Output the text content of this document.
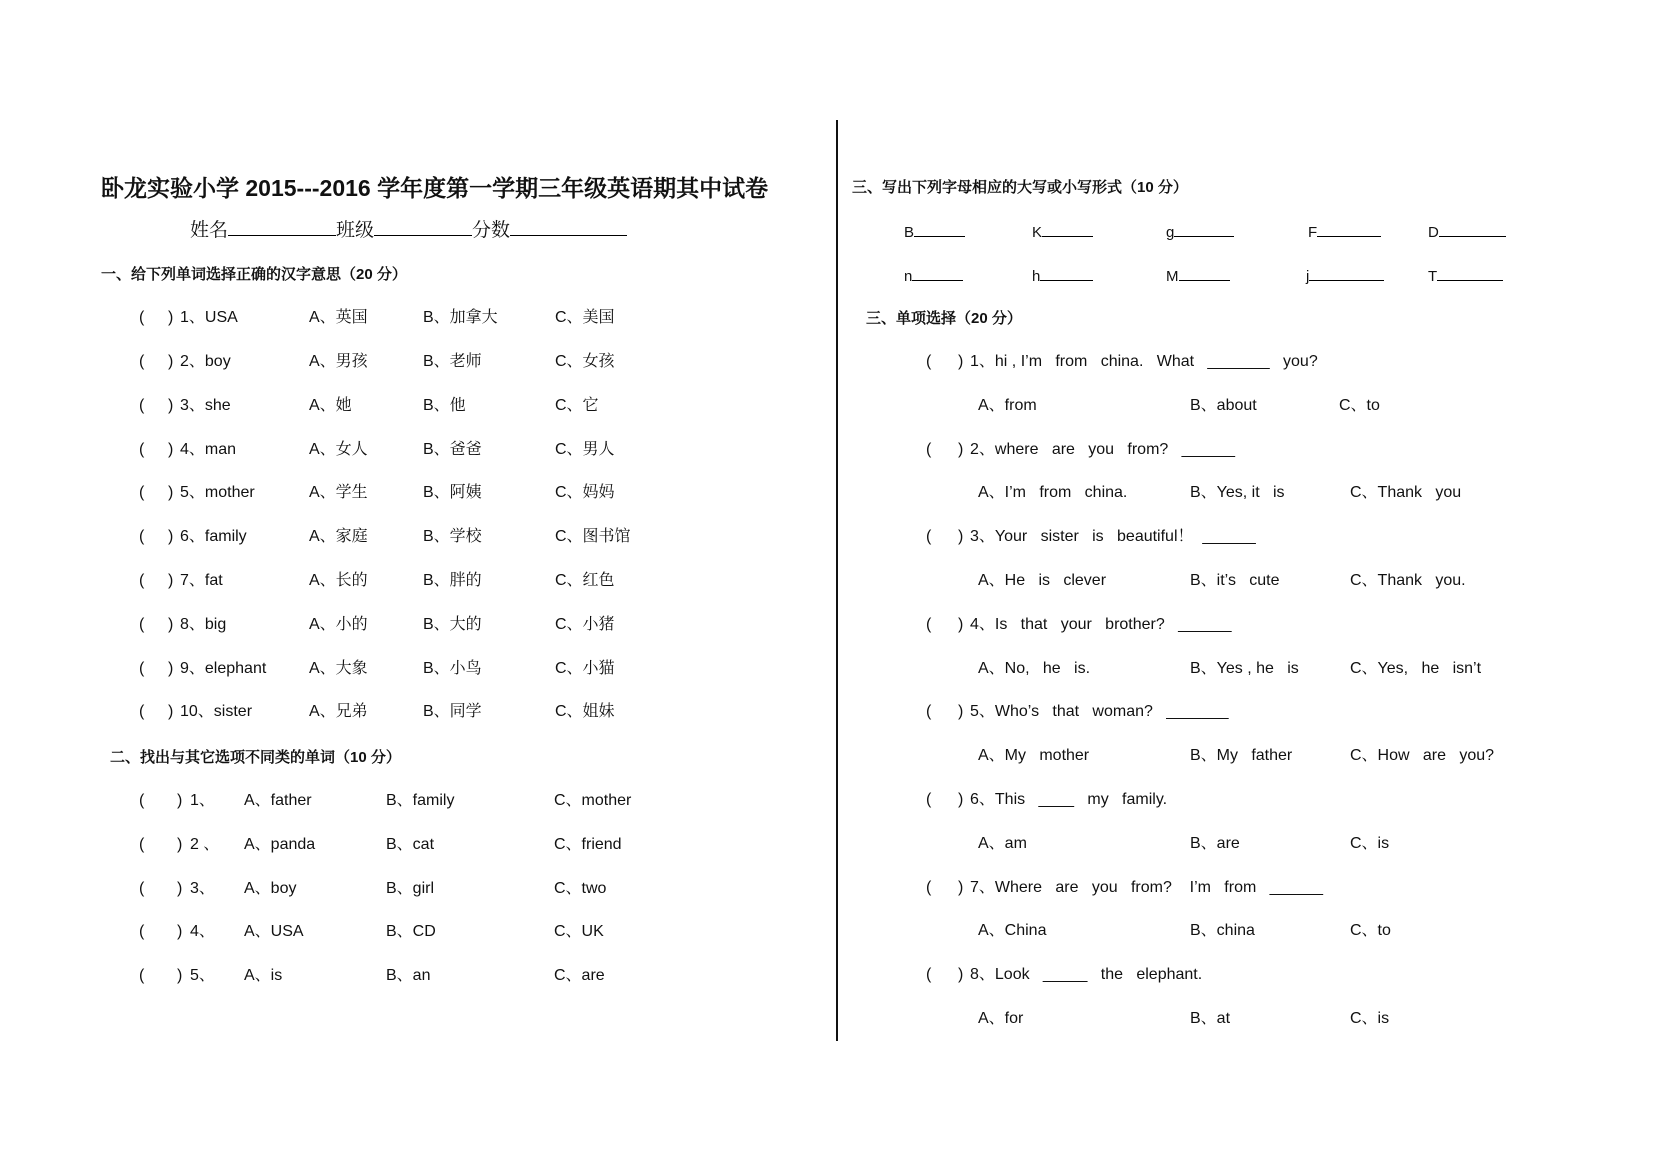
卧龙实验小学 2015---2016 学年度第一学期三年级英语期其中试卷
姓名	班级	分数
一、给下列单词选择正确的汉字意思（20 分）
( ) 1、USA	A、英国	B、加拿大	C、美国
( ) 2、boy	A、男孩	B、老师	C、女孩
( ) 3、she	A、她	B、他	C、它
( ) 4、man	A、女人	B、爸爸	C、男人
( ) 5、mother	A、学生	B、阿姨	C、妈妈
( ) 6、family	A、家庭	B、学校	C、图书馆
( ) 7、fat	A、长的	B、胖的	C、红色
( ) 8、big	A、小的	B、大的	C、小猪
( ) 9、elephant	A、大象	B、小鸟	C、小猫
( ) 10、sister	A、兄弟	B、同学	C、姐妹
二、找出与其它选项不同类的单词（10 分）
( ) 1、 A、father	B、family	C、mother
( ) 2 、 A、panda	B、cat	C、friend
( ) 3、 A、boy	B、girl	C、two
( ) 4、 A、USA	B、CD	C、UK
( ) 5、 A、is	B、an	C、are
三、写出下列字母相应的大写或小写形式（10 分）
B	K	g	F	D
n	h	M	j	T
三、单项选择（20 分）
( ) 1、hi , I’m   from   china.   What   _______   you?
A、from	B、about	C、to
( ) 2、where   are   you   from?   ______
A、I’m   from   china.	B、Yes, it   is	C、Thank   you
( ) 3、Your   sister   is   beautiful！  ______
A、He   is   clever	B、it’s   cute	C、Thank   you.
( ) 4、Is   that   your   brother?   ______
A、No,   he   is.	B、Yes , he   is	C、Yes,   he   isn’t
( ) 5、Who’s   that   woman?   _______
A、My   mother	B、My   father	C、How   are   you?
( ) 6、This   ____   my   family.
A、am	B、are	C、is
( ) 7、Where   are   you   from?    I’m   from   ______
A、China	B、china	C、to
( ) 8、Look   _____   the   elephant.
A、for	B、at	C、is
